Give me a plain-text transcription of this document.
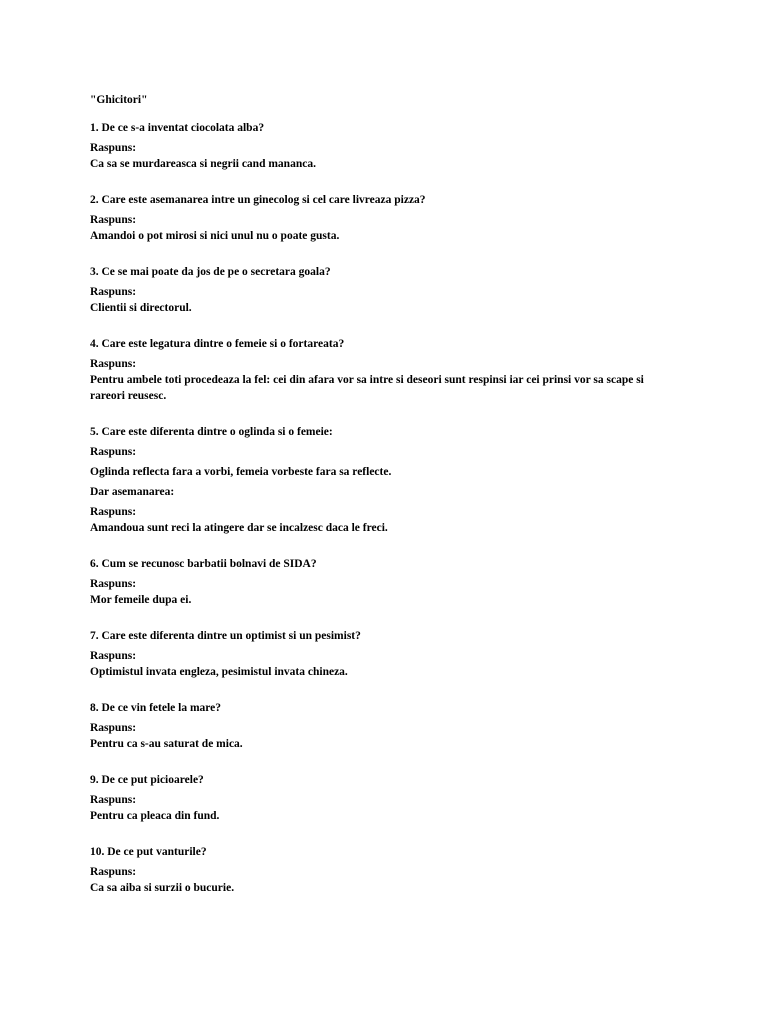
"Ghicitori"

1. De ce s-a inventat ciocolata alba?

Raspuns:

Ca sa se murdareasca si negrii cand mananca.

2. Care este asemanarea intre un ginecolog si cel care livreaza pizza?

Raspuns:

Amandoi o pot mirosi si nici unul nu o poate gusta.

3. Ce se mai poate da jos de pe o secretara goala?

Raspuns:

Clientii si directorul.

4. Care este legatura dintre o femeie si o fortareata?

Raspuns:

Pentru ambele toti procedeaza la fel: cei din afara vor sa intre si deseori sunt respinsi iar cei prinsi vor sa scape si rareori reusesc.

5. Care este diferenta dintre o oglinda si o femeie:

Raspuns:

Oglinda reflecta fara a vorbi, femeia vorbeste fara sa reflecte.

Dar asemanarea:

Raspuns:

Amandoua sunt reci la atingere dar se incalzesc daca le freci.

6. Cum se recunosc barbatii bolnavi de SIDA?

Raspuns:

Mor femeile dupa ei.

7. Care este diferenta dintre un optimist si un pesimist?

Raspuns:

Optimistul invata engleza, pesimistul invata chineza.

8. De ce vin fetele la mare?

Raspuns:

Pentru ca s-au saturat de mica.

9. De ce put picioarele?

Raspuns:

Pentru ca pleaca din fund.

10. De ce put vanturile?

Raspuns:

Ca sa aiba si surzii o bucurie.
